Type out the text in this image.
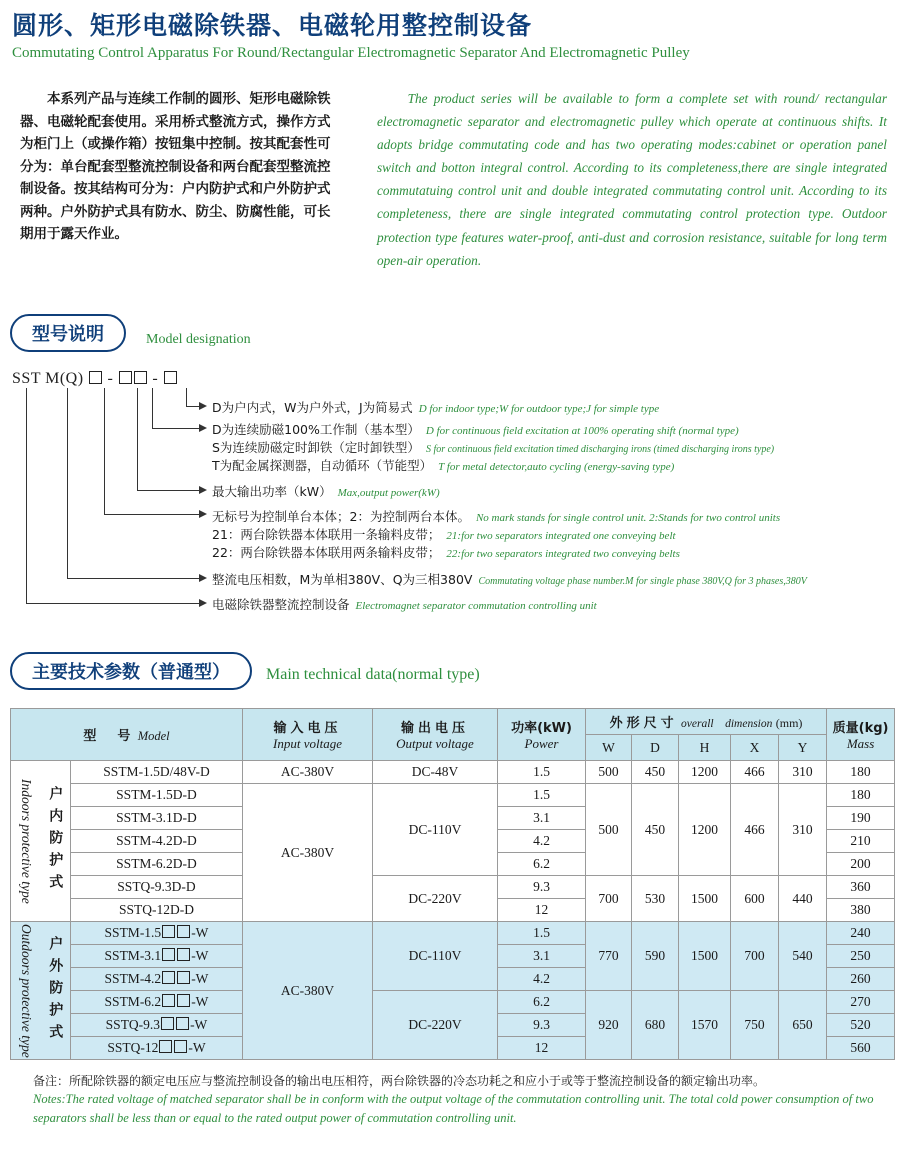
圆形、矩形电磁除铁器、电磁轮用整控制设备
Commutating Control Apparatus For Round/Rectangular Electromagnetic Separator And Electromagnetic Pulley
本系列产品与连续工作制的圆形、矩形电磁除铁器、电磁轮配套使用。采用桥式整流方式，操作方式为柜门上（或操作箱）按钮集中控制。按其配套性可分为：单台配套型整流控制设备和两台配套型整流控制设备。按其结构可分为：户内防护式和户外防护式两种。户外防护式具有防水、防尘、防腐性能，可长期用于露天作业。
The product series will be available to form a complete set with round/ rectangular electromagnetic separator and electromagnetic pulley which operate at continuous shifts. It adopts bridge commutating code and has two operating modes:cabinet or operation panel switch and botton integral control. According to its completeness,there are single integrated commutatuing control unit and double integrated commutating control unit. According to its completeness, there are single integrated commutating control protection type. Outdoor protection type features water-proof, anti-dust and corrosion resistance, suitable for long term open-air operation.
型号说明	Model designation
SST M(Q) - -
D为户内式，W为户外式，J为简易式 D for indoor type;W for outdoor type;J for simple type
D为连续励磁100%工作制（基本型） D for continuous field excitation at 100% operating shift (normal type)
S为连续励磁定时卸铁（定时卸铁型） S for continuous field excitation timed discharging irons (timed discharging irons type)
T为配金属探测器，自动循环（节能型） T for metal detector,auto cycling (energy-saving type)
最大输出功率（kW） Max,output power(kW)
无标号为控制单台本体；2：为控制两台本体。 No mark stands for single control unit. 2:Stands for two control units
21：两台除铁器本体联用一条输料皮带； 21:for two separators integrated one conveying belt
22：两台除铁器本体联用两条输料皮带； 22:for two separators integrated two conveying belts
整流电压相数，M为单相380V、Q为三相380V Commutating voltage phase number.M for single phase 380V,Q for 3 phases,380V
电磁除铁器整流控制设备 Electromagnet separator commutation controlling unit
主要技术参数（普通型）	Main technical data(normal type)
型　号 Model			输入电压
Input voltage	输出电压
Output voltage	功率(kW)
Power	外形尺寸 overall　dimension (mm)					质量(kg)
Mass

						W	D	H	X	Y	

Indoors protective type	户内防护式	SSTM-1.5D/48V-D	AC-380V	DC-48V	1.5	500	450	1200	466	310	180
		SSTM-1.5D-D	AC-380V	DC-110V	1.5	500	450	1200	466	310	180
		SSTM-3.1D-D			3.1						190
		SSTM-4.2D-D			4.2						210
		SSTM-6.2D-D			6.2						200
		SSTQ-9.3D-D		DC-220V	9.3	700	530	1500	600	440	360
		SSTQ-12D-D			12						380

Outdoors protective type	户外防护式	SSTM-1.5 -W	AC-380V	DC-110V	1.5	770	590	1500	700	540	240
		SSTM-3.1 -W			3.1						250
		SSTM-4.2 -W			4.2						260
		SSTM-6.2 -W		DC-220V	6.2	920	680	1570	750	650	270
		SSTQ-9.3 -W			9.3						520
		SSTQ-12 -W			12						560
备注：所配除铁器的额定电压应与整流控制设备的输出电压相符，两台除铁器的冷态功耗之和应小于或等于整流控制设备的额定输出功率。
Notes:The rated voltage of matched separator shall be in conform with the output voltage of the commutation controlling unit. The total cold power consumption of two separators shall be less than or equal to the rated output power of commutation controlling unit.
